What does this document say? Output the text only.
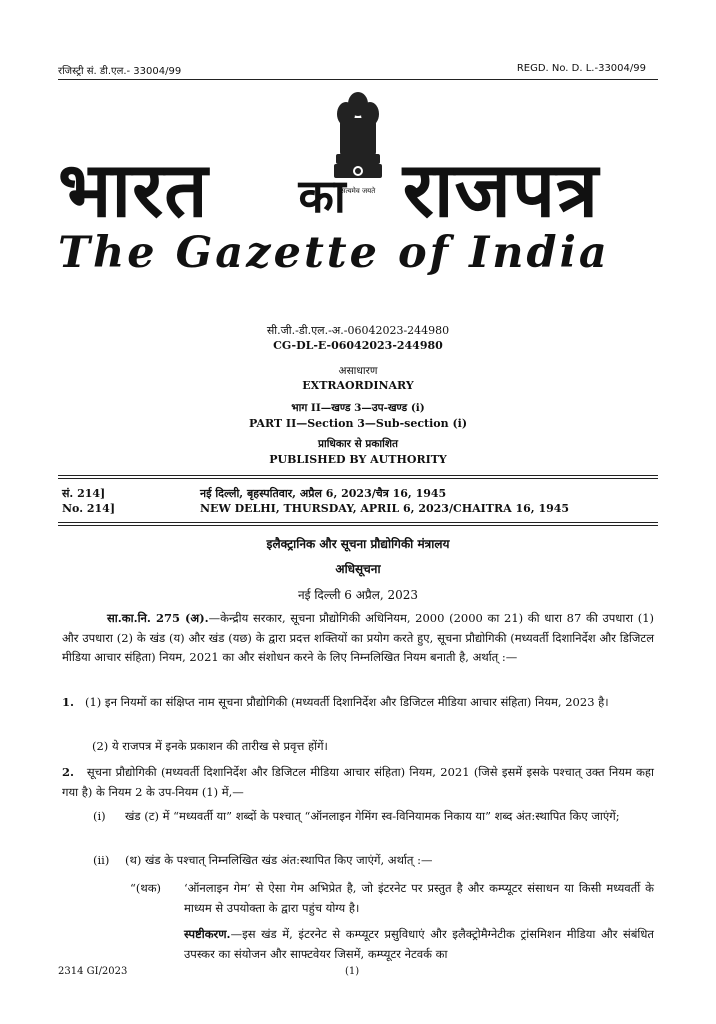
रजिस्ट्री सं. डी.एल.- 33004/99	REGD. No. D. L.-33004/99
सत्यमेव जयते
भारत का राजपत्र
The Gazette of India
सी.जी.-डी.एल.-अ.-06042023-244980
CG-DL-E-06042023-244980
असाधारण
EXTRAORDINARY
भाग II—खण्ड 3—उप-खण्ड (i)
PART II—Section 3—Sub-section (i)
प्राधिकार से प्रकाशित
PUBLISHED BY AUTHORITY
सं. 214]
No. 214]
नई दिल्ली, बृहस्पतिवार, अप्रैल 6, 2023/चैत्र 16, 1945
NEW DELHI, THURSDAY, APRIL 6, 2023/CHAITRA 16, 1945
इलैक्ट्रानिक और सूचना प्रौद्योगिकी मंत्रालय
अधिसूचना
नई दिल्ली 6 अप्रैल, 2023
सा.का.नि. 275 (अ).—केन्द्रीय सरकार, सूचना प्रौद्योगिकी अधिनियम, 2000 (2000 का 21) की धारा 87 की उपधारा (1) और उपधारा (2) के खंड (य) और खंड (यछ) के द्वारा प्रदत्त शक्तियों का प्रयोग करते हुए, सूचना प्रौद्योगिकी (मध्यवर्ती दिशानिर्देश और डिजिटल मीडिया आचार संहिता) नियम, 2021 का और संशोधन करने के लिए निम्नलिखित नियम बनाती है, अर्थात् :—
1. (1) इन नियमों का संक्षिप्त नाम सूचना प्रौद्योगिकी (मध्यवर्ती दिशानिर्देश और डिजिटल मीडिया आचार संहिता) नियम, 2023 है।
(2) ये राजपत्र में इनके प्रकाशन की तारीख से प्रवृत्त होंगें।
2. सूचना प्रौद्योगिकी (मध्यवर्ती दिशानिर्देश और डिजिटल मीडिया आचार संहिता) नियम, 2021 (जिसे इसमें इसके पश्चात् उक्त नियम कहा गया है) के नियम 2 के उप-नियम (1) में,—
(i) खंड (ट) में “मध्यवर्ती या” शब्दों के पश्चात् “ऑनलाइन गेमिंग स्व-विनियामक निकाय या” शब्द अंत:स्थापित किए जाएंगें;
(ii) (थ) खंड के पश्चात् निम्नलिखित खंड अंत:स्थापित किए जाएंगें, अर्थात् :—
“(थक) ‘ऑनलाइन गेम’ से ऐसा गेम अभिप्रेत है, जो इंटरनेट पर प्रस्तुत है और कम्प्यूटर संसाधन या किसी मध्यवर्ती के माध्यम से उपयोक्ता के द्वारा पहुंच योग्य है।
स्पष्टीकरण.—इस खंड में, इंटरनेट से कम्प्यूटर प्रसुविधाएं और इलैक्ट्रोमैग्नेटीक ट्रांसमिशन मीडिया और संबंधित उपस्कर का संयोजन और साफ्टवेयर जिसमें, कम्प्यूटर नेटवर्क का
2314 GI/2023	(1)
